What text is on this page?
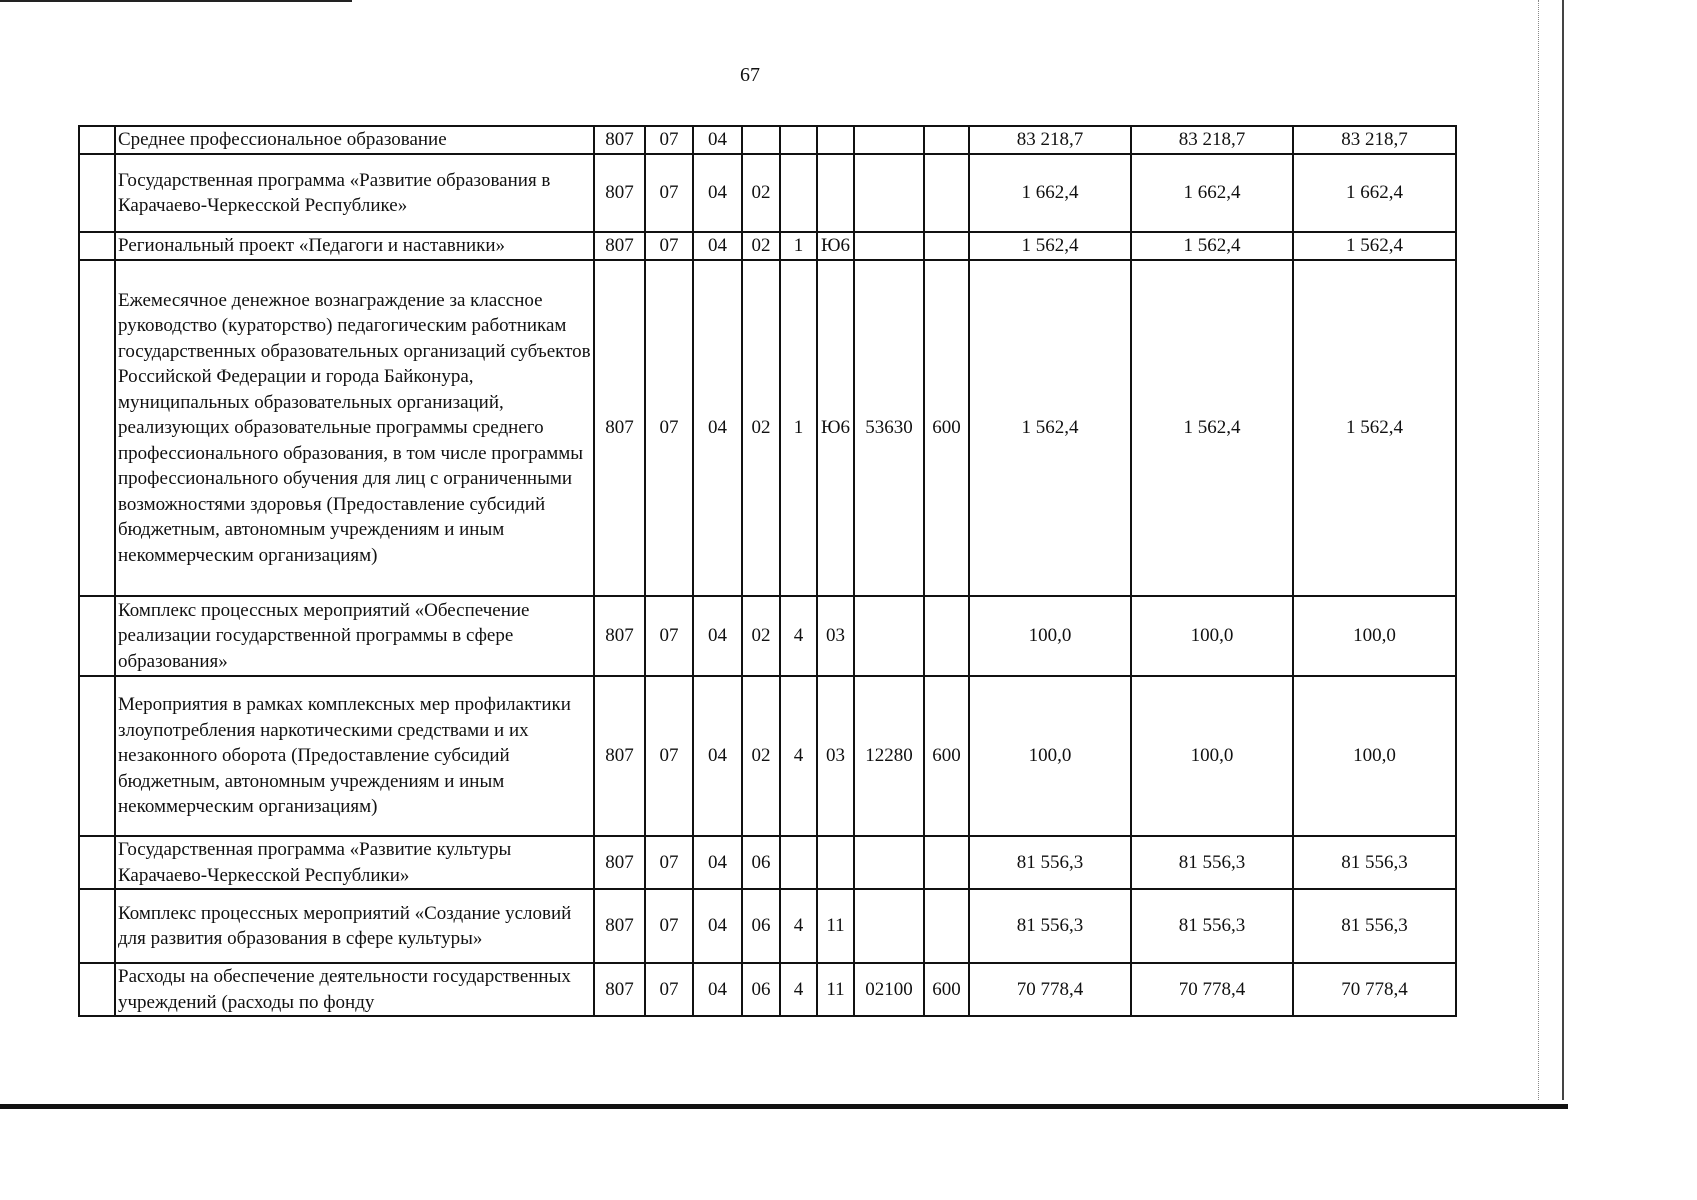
67
	Среднее профессиональное образование	807	07	04						83 218,7	83 218,7	83 218,7
	Государственная программа «Развитие образования в Карачаево-Черкесской Республике»	807	07	04	02					1 662,4	1 662,4	1 662,4
	Региональный проект «Педагоги и наставники»	807	07	04	02	1	Ю6			1 562,4	1 562,4	1 562,4
	Ежемесячное денежное вознаграждение за классное руководство (кураторство) педагогическим работникам государственных образовательных организаций субъектов Российской Федерации и города Байконура, муниципальных образовательных организаций, реализующих образовательные программы среднего профессионального образования, в том числе программы профессионального обучения для лиц с ограниченными возможностями здоровья (Предоставление субсидий бюджетным, автономным учреждениям и иным некоммерческим организациям)	807	07	04	02	1	Ю6	53630	600	1 562,4	1 562,4	1 562,4
	Комплекс процессных мероприятий «Обеспечение реализации государственной программы в сфере образования»	807	07	04	02	4	03			100,0	100,0	100,0
	Мероприятия в рамках комплексных мер профилактики злоупотребления наркотическими средствами и их незаконного оборота (Предоставление субсидий бюджетным, автономным учреждениям и иным некоммерческим организациям)	807	07	04	02	4	03	12280	600	100,0	100,0	100,0
	Государственная программа «Развитие культуры Карачаево-Черкесской Республики»	807	07	04	06					81 556,3	81 556,3	81 556,3
	Комплекс процессных мероприятий «Создание условий для развития образования в сфере культуры»	807	07	04	06	4	11			81 556,3	81 556,3	81 556,3
	Расходы на обеспечение деятельности государственных учреждений (расходы по фонду	807	07	04	06	4	11	02100	600	70 778,4	70 778,4	70 778,4
